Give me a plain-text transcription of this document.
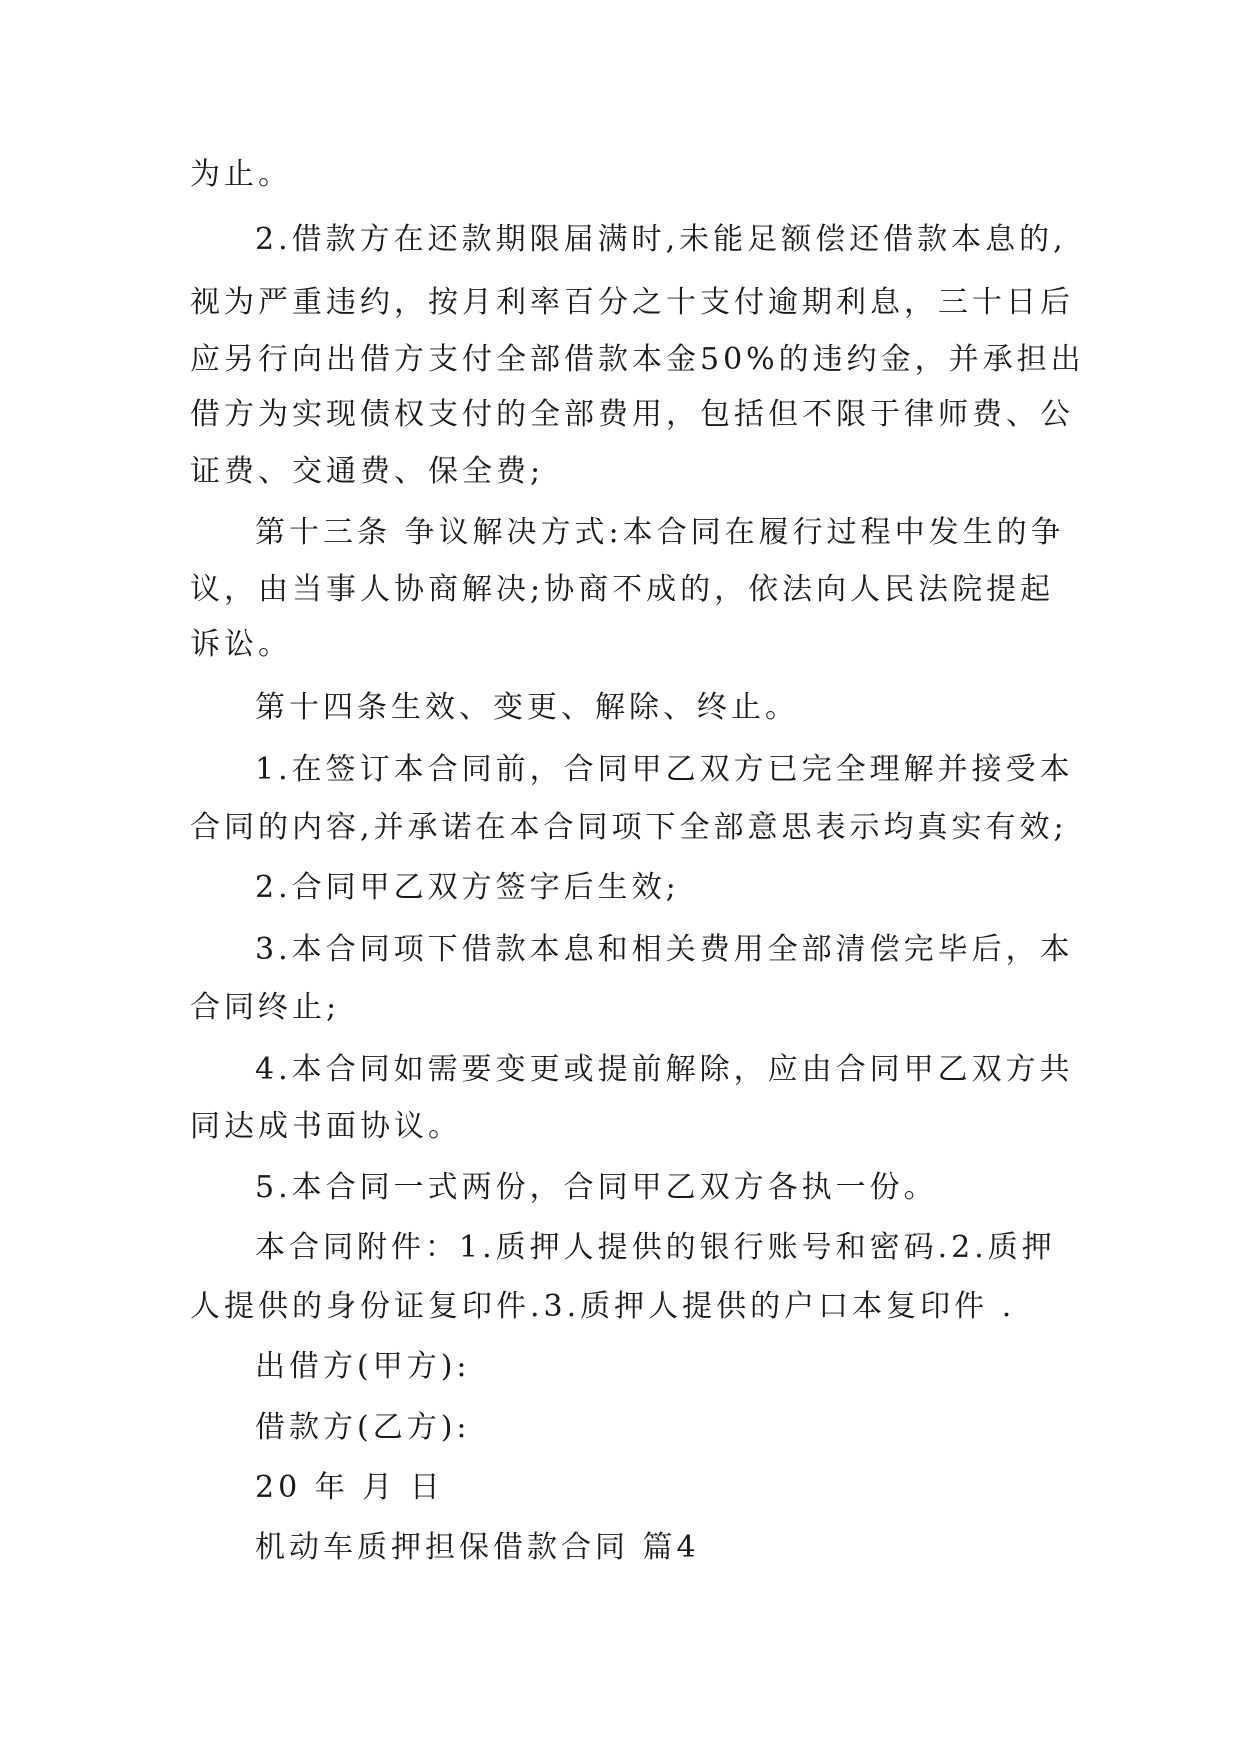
为止。
2.借款方在还款期限届满时,未能足额偿还借款本息的,
视为严重违约，按月利率百分之十支付逾期利息，三十日后
应另行向出借方支付全部借款本金50%的违约金，并承担出
借方为实现债权支付的全部费用，包括但不限于律师费、公
证费、交通费、保全费;
第十三条 争议解决方式:本合同在履行过程中发生的争
议，由当事人协商解决;协商不成的，依法向人民法院提起
诉讼。
第十四条生效、变更、解除、终止。
1.在签订本合同前，合同甲乙双方已完全理解并接受本
合同的内容,并承诺在本合同项下全部意思表示均真实有效;
2.合同甲乙双方签字后生效;
3.本合同项下借款本息和相关费用全部清偿完毕后，本
合同终止;
4.本合同如需要变更或提前解除，应由合同甲乙双方共
同达成书面协议。
5.本合同一式两份，合同甲乙双方各执一份。
本合同附件：1.质押人提供的银行账号和密码.2.质押
人提供的身份证复印件.3.质押人提供的户口本复印件 .
出借方(甲方):
借款方(乙方):
20 年 月 日
机动车质押担保借款合同 篇4
